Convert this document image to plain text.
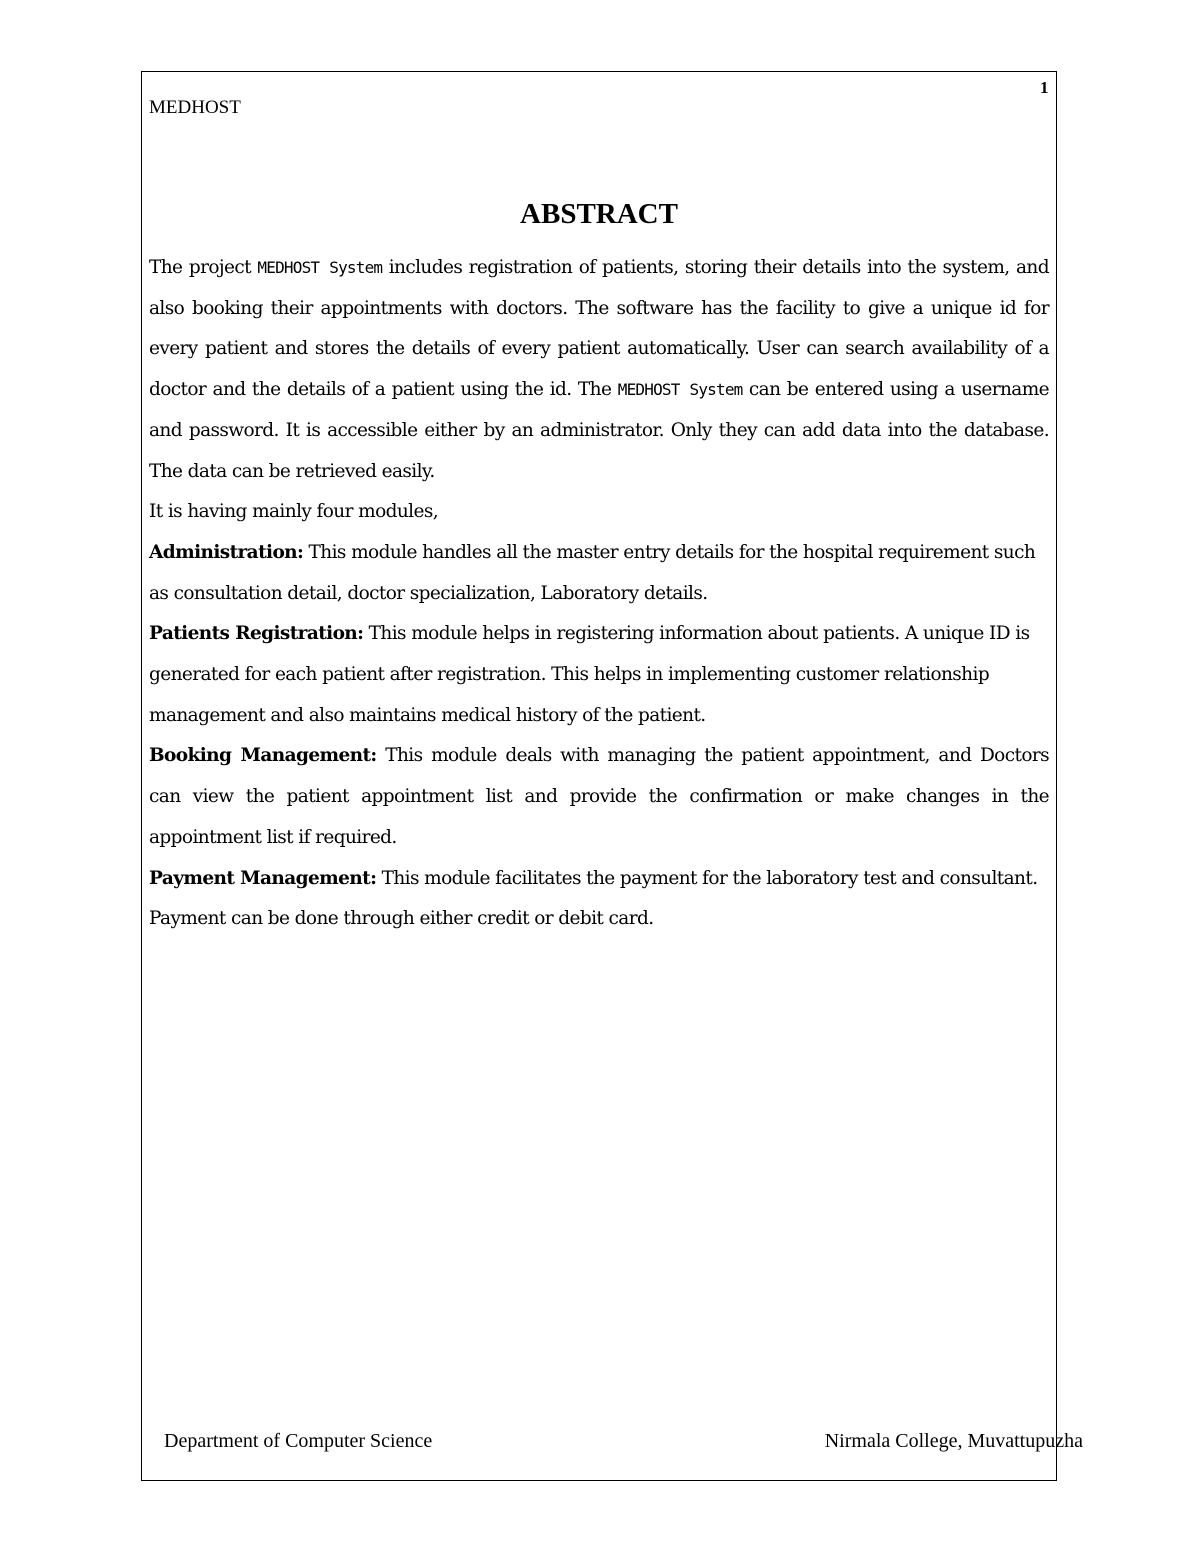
1
MEDHOST
ABSTRACT

The project MEDHOST System includes registration of patients, storing their details into the system, and also booking their appointments with doctors. The software has the facility to give a unique id for every patient and stores the details of every patient automatically. User can search availability of a doctor and the details of a patient using the id. The MEDHOST System can be entered using a username and password. It is accessible either by an administrator. Only they can add data into the database. The data can be retrieved easily.

It is having mainly four modules,

Administration: This module handles all the master entry details for the hospital requirement such as consultation detail, doctor specialization, Laboratory details.

Patients Registration: This module helps in registering information about patients. A unique ID is generated for each patient after registration. This helps in implementing customer relationship management and also maintains medical history of the patient.

Booking Management: This module deals with managing the patient appointment, and Doctors can view the patient appointment list and provide the confirmation or make changes in the appointment list if required.

Payment Management: This module facilitates the payment for the laboratory test and consultant. Payment can be done through either credit or debit card.

Department of Computer Science	Nirmala College, Muvattupuzha
